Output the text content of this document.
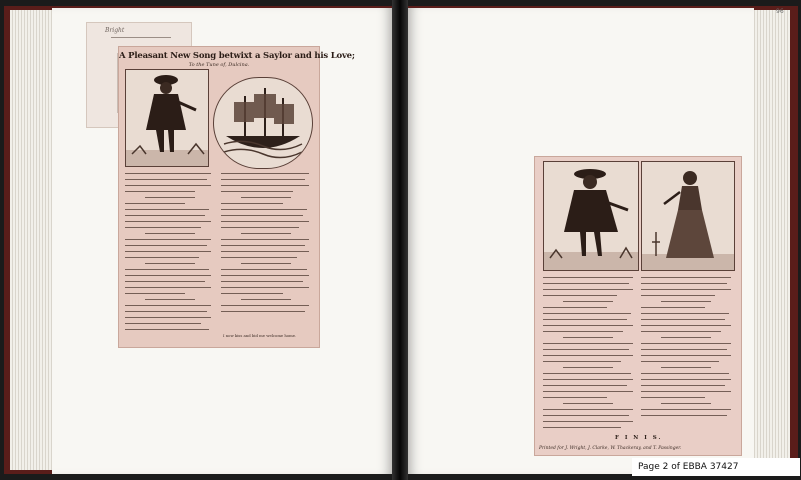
Bright
A Pleasant New Song betwixt a Saylor and his Love;
To the Tune of, Dulcina.
I now kiss and bid me welcome home.
96
F I N I S.
Printed for J. Wright, J. Clarke, W. Thackeray, and T. Passinger.
Page 2 of EBBA 37427
